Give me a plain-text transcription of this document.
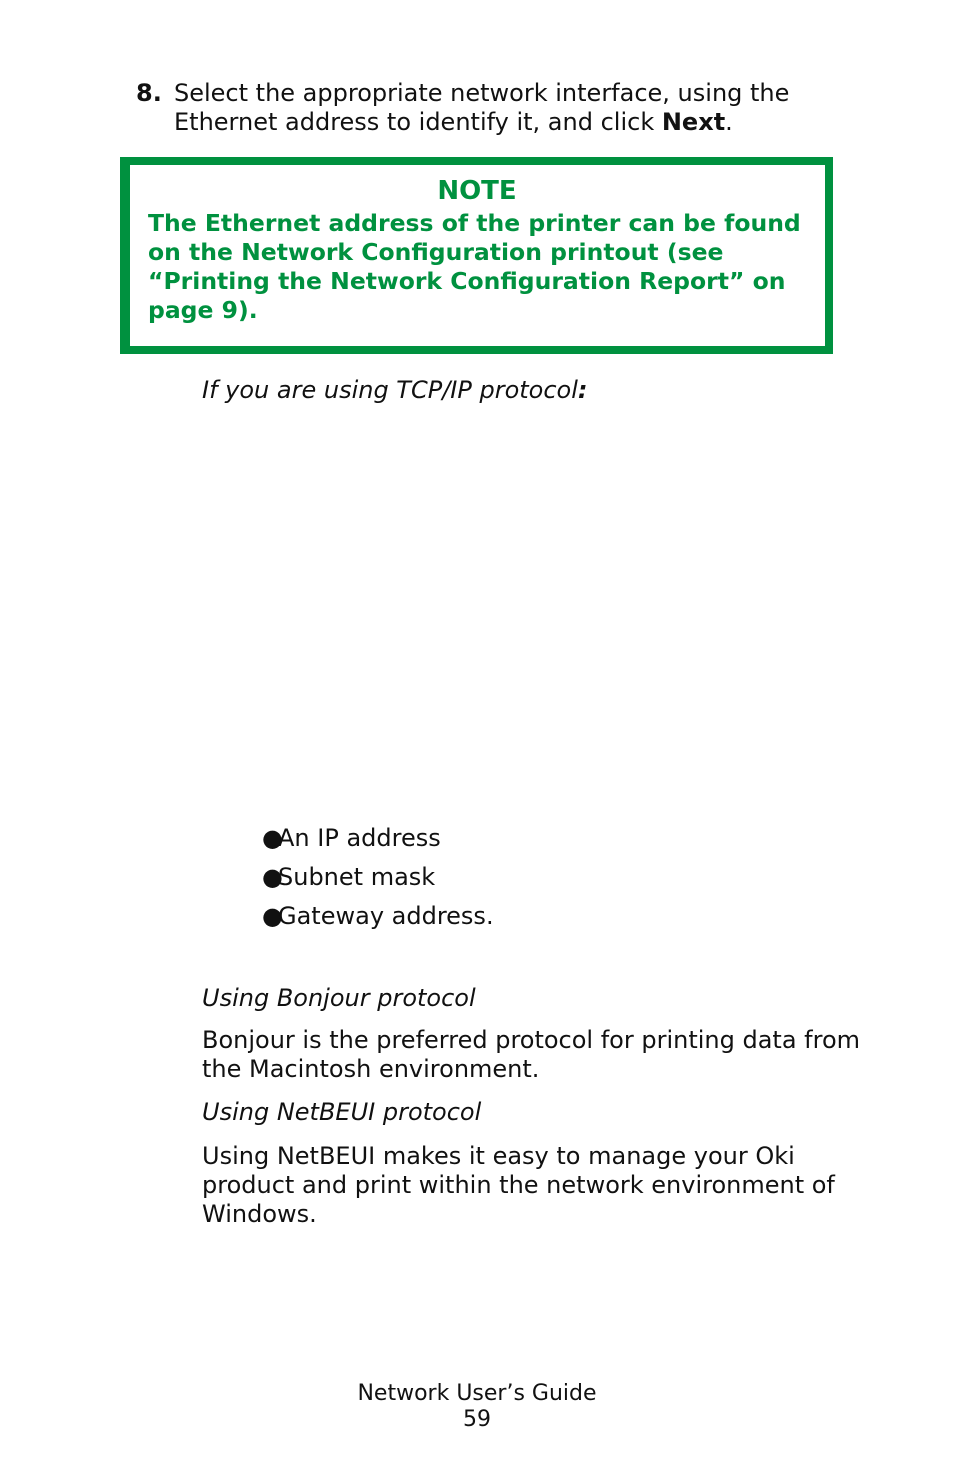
8. Select the appropriate network interface, using the Ethernet address to identify it, and click Next.
NOTE
The Ethernet address of the printer can be found on the Network Configuration printout (see “Printing the Network Configuration Report” on page 9).
If you are using TCP/IP protocol:
●An IP address
●Subnet mask
●Gateway address.
Using Bonjour protocol
Bonjour is the preferred protocol for printing data from the Macintosh environment.
Using NetBEUI protocol
Using NetBEUI makes it easy to manage your Oki product and print within the network environment of Windows.
Network User’s Guide
59
